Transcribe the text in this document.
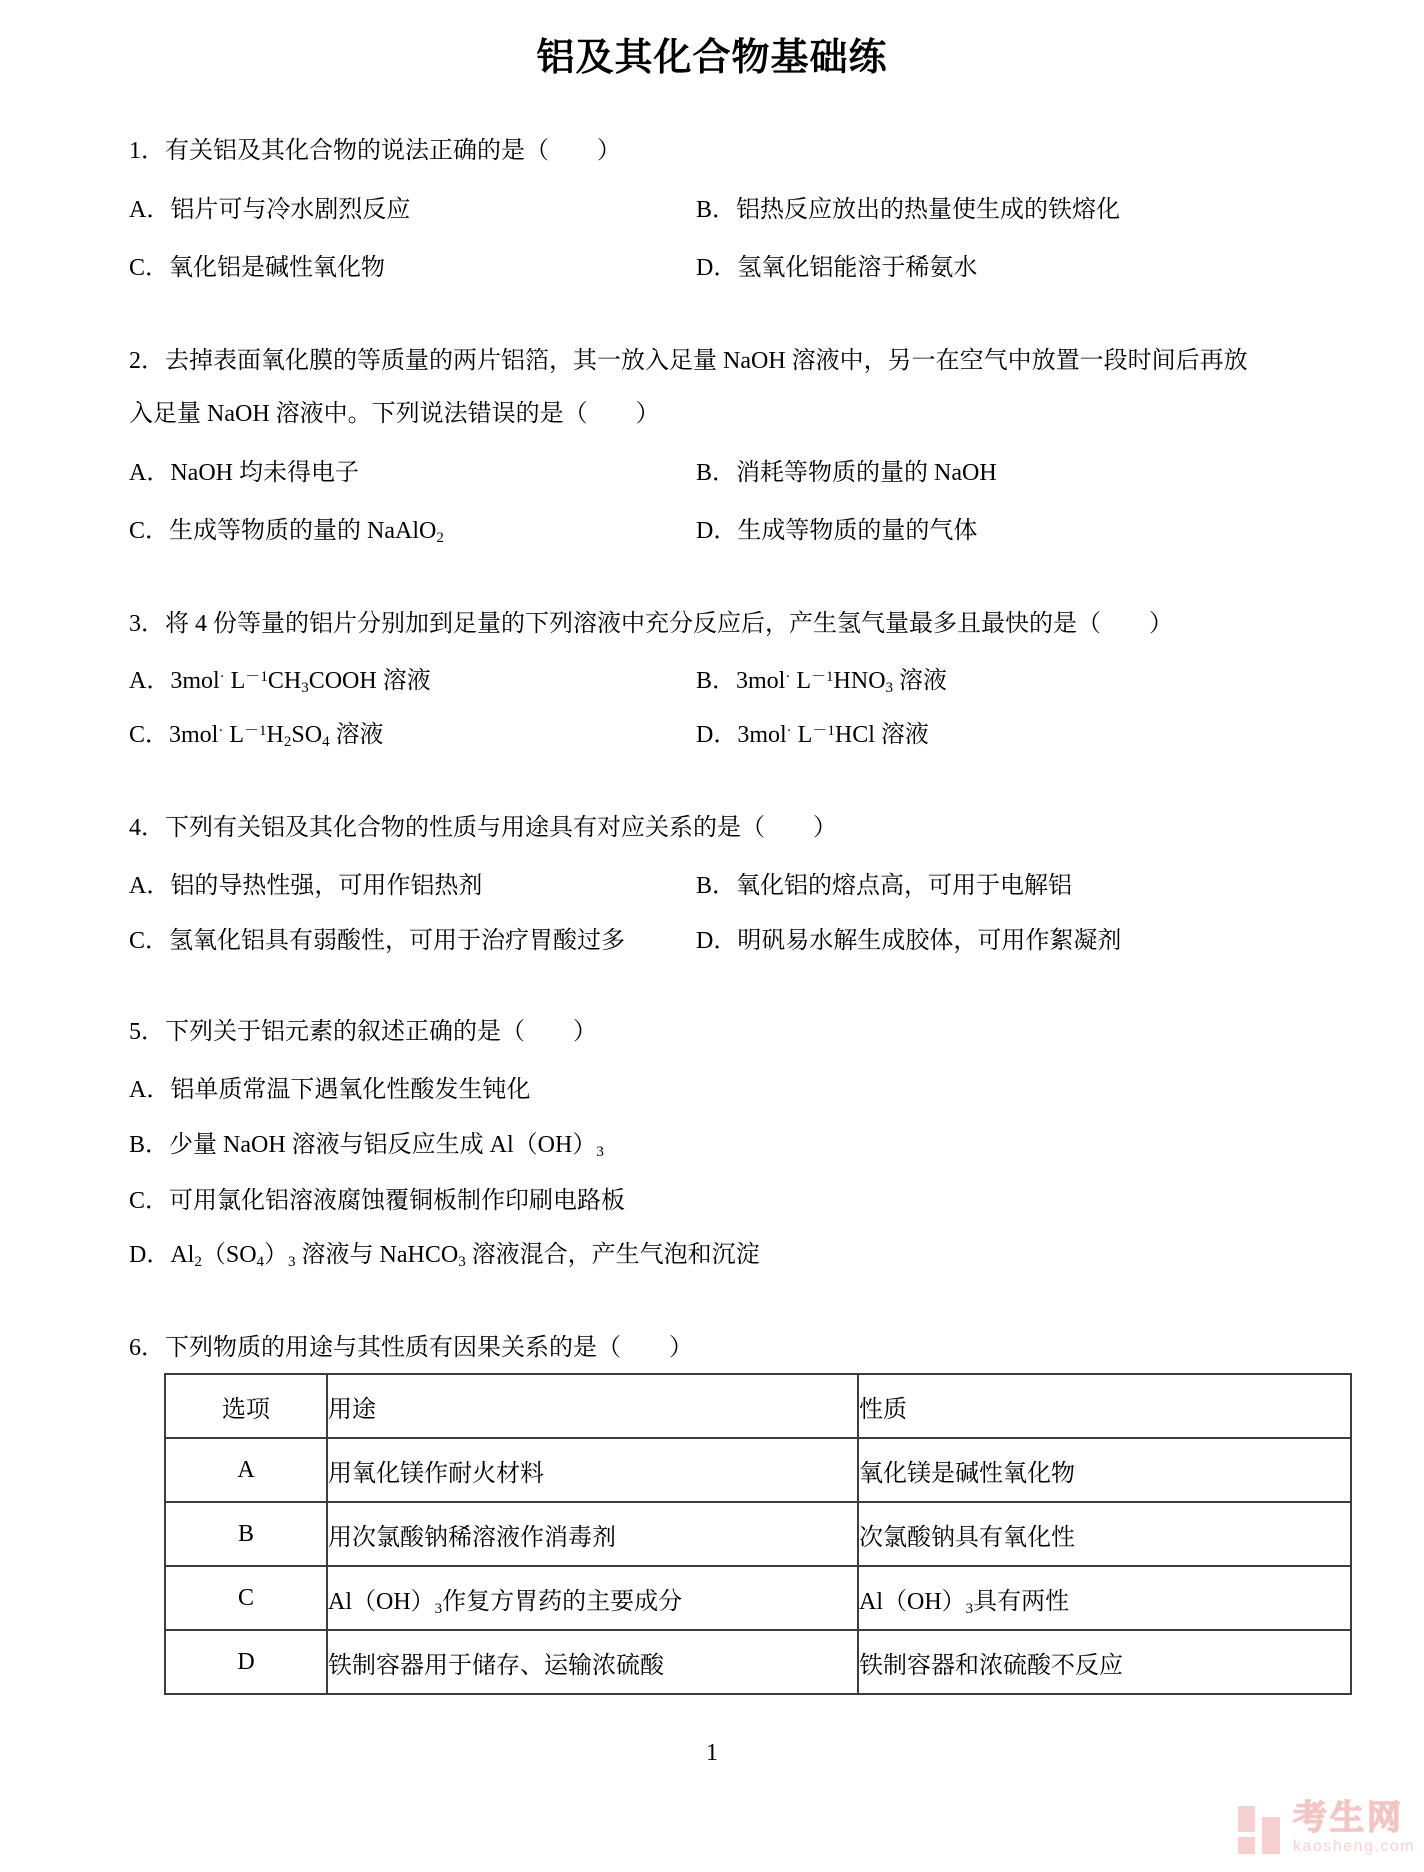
铝及其化合物基础练
1．有关铝及其化合物的说法正确的是（　　）
A．铝片可与冷水剧烈反应	B．铝热反应放出的热量使生成的铁熔化
C．氧化铝是碱性氧化物	D．氢氧化铝能溶于稀氨水
2．去掉表面氧化膜的等质量的两片铝箔，其一放入足量 NaOH 溶液中，另一在空气中放置一段时间后再放
入足量 NaOH 溶液中。下列说法错误的是（　　）
A．NaOH 均未得电子	B．消耗等物质的量的 NaOH
C．生成等物质的量的 NaAlO$_2$	D．生成等物质的量的气体
3．将 4 份等量的铝片分别加到足量的下列溶液中充分反应后，产生氢气量最多且最快的是（　　）
A．3mol· $L^{-1}CH_3COOH$ 溶液	B．3mol· $L^{-1}HNO_3$ 溶液
C．3mol· $L^{-1}H_2SO_4$ 溶液	D．3mol· $L^{-1}HCl$ 溶液
4．下列有关铝及其化合物的性质与用途具有对应关系的是（　　）
A．铝的导热性强，可用作铝热剂	B．氧化铝的熔点高，可用于电解铝
C．氢氧化铝具有弱酸性，可用于治疗胃酸过多	D．明矾易水解生成胶体，可用作絮凝剂
5．下列关于铝元素的叙述正确的是（　　）
A．铝单质常温下遇氧化性酸发生钝化
B．少量 NaOH 溶液与铝反应生成 $Al(OH)_3$
C．可用氯化铝溶液腐蚀覆铜板制作印刷电路板
D．$Al_2(SO_4)_3$ 溶液与 NaHCO$_3$ 溶液混合，产生气泡和沉淀
6．下列物质的用途与其性质有因果关系的是（　　）
选项	用途	性质
A	用氧化镁作耐火材料	氧化镁是碱性氧化物
B	用次氯酸钠稀溶液作消毒剂	次氯酸钠具有氧化性
C	$Al(OH)_3$作复方胃药的主要成分	$Al(OH)_3$具有两性
D	铁制容器用于储存、运输浓硫酸	铁制容器和浓硫酸不反应
1
考生网
kaosheng.com
